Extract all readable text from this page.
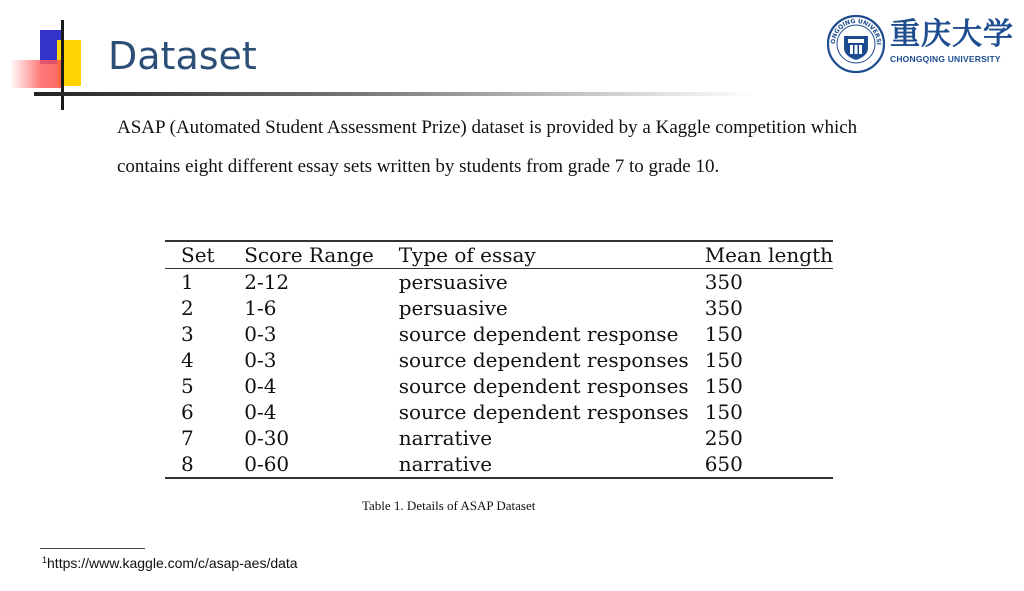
Dataset	ONGQING UNIVERSI 重庆大学
CHONGQING UNIVERSITY

ASAP (Automated Student Assessment Prize) dataset is provided by a Kaggle competition which
contains eight different essay sets written by students from grade 7 to grade 10.

Set	Score Range	Type of essay	Mean length
1	2-12	persuasive	350
2	1-6	persuasive	350
3	0-3	source dependent response	150
4	0-3	source dependent responses	150
5	0-4	source dependent responses	150
6	0-4	source dependent responses	150
7	0-30	narrative	250
8	0-60	narrative	650
Table 1. Details of ASAP Dataset
$^1$https://www.kaggle.com/c/asap-aes/data
